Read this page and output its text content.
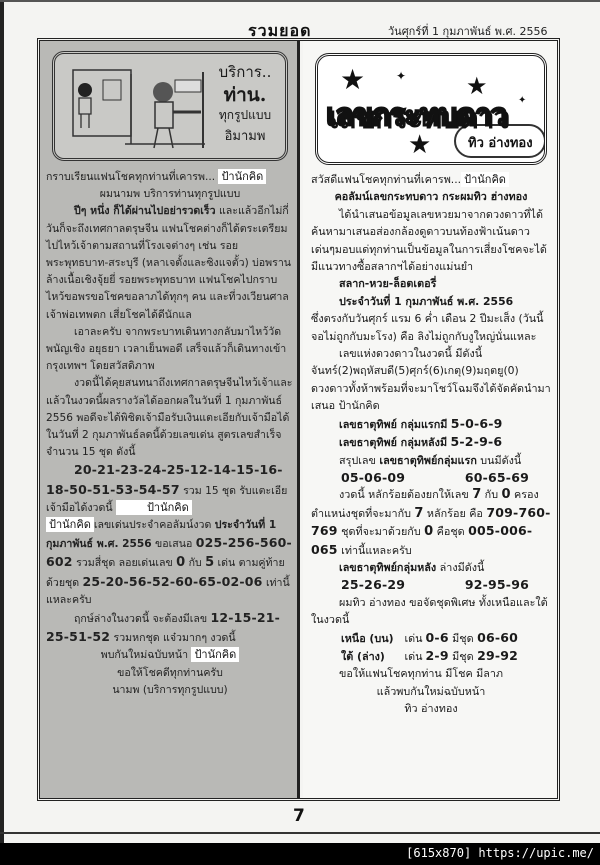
รวมยอด	วันศุกร์ที่ 1 กุมภาพันธ์ พ.ศ. 2556
บริการ..
ท่าน.
ทุกรูปแบบ
อิมามพ
กราบเรียนแฟนโชคทุกท่านที่เคารพ... ป้านักคิด
ผมนามพ บริการท่านทุกรูปแบบ
ปีๆ หนึ่ง ก็ได้ผ่านไปอย่ารวดเร็ว และแล้วอีกไม่กี่วันก็จะถึงเทศกาลตรุษจีน แฟนโชคต่างก็ได้ตระเตรียมไปไหว้เจ้าตามสถานที่โรงเจต่างๆ เช่น รอยพระพุทธบาท-สระบุรี (หลาเจตั้งและซิงแจตั้ว) บ่อพรานล้างเนื้อเชิงจุ้ยยี่ รอยพระพุทธบาท แฟนโชคไปกราบไหว้ขอพรขอโชคขอลาภได้ทุกๆ คน และที่วงเวียนศาลเจ้าพ่อเทพตก เสี่ยโชคได้ดีนักแล
เอาละครับ จากพระบาทเดินทางกลับมาไหว้วัดพนัญเชิง อยุธยา เวลาเย็นพอดี เสร็จแล้วก็เดินทางเข้ากรุงเทพฯ โดยสวัสดิภาพ
งวดนี้ได้คุยสนทนาถึงเทศกาลตรุษจีนไหว้เจ้าและแล้วในงวดนี้ผลรางวัลได้ออกผลในวันที่ 1 กุมภาพันธ์ 2556 พอดีจะได้พิชิตเจ้ามือรับเงินแตะเอียกับเจ้ามือได้ในวันที่ 2 กุมภาพันธ์ลดนี้ด้วยเลขเด่น สูตรเลขสำเร็จ จำนวน 15 ชุด ดังนี้
20-21-23-24-25-12-14-15-16-18-50-51-53-54-57 รวม 15 ชุด รับแตะเอียเจ้ามือได้งวดนี้	ป้านักคิด
ป้านักคิด เลขเด่นประจำคอลัมน์งวด ประจำวันที่ 1 กุมภาพันธ์ พ.ศ. 2556 ขอเสนอ 025-256-560-602 รวมสี่ชุด ลอยเด่นเลข 0 กับ 5 เด่น ตามคู่ท้ายด้วยชุด 25-20-56-52-60-65-02-06 เท่านี้แหละครับ
ฤกษ์ล่างในงวดนี้ จะต้องมีเลข 12-15-21-25-51-52 รวมหกชุด แจ๋วมากๆ งวดนี้
พบกันใหม่ฉบับหน้า ป้านักคิด
ขอให้โชคดีทุกท่านครับ
นามพ (บริการทุกรูปแบบ)
★	★
★
✦
✦
เลขกระทบดาว
ทิว อ่างทอง
สวัสดีแฟนโชคทุกท่านที่เคารพ... ป้านักคิด
คอลัมน์เลขกระทบดาว กระผมทิว ฮ่างทอง
ได้นำเสนอข้อมูลเลขหวยมาจากดวงดาวที่ได้ค้นหามาเสนอส่องกล้องดูดาวบนท้องฟ้าเน้นดาวเด่นๆมอบแด่ทุกท่านเป็นข้อมูลในการเสี่ยงโชคจะได้มีแนวทางซื้อสลากฯได้อย่างแม่นยำ
สลาก-หวย-ล็อตเตอรี่
ประจำวันที่ 1 กุมภาพันธ์ พ.ศ. 2556
ซึ่งตรงกับวันศุกร์ แรม 6 ค่ำ เดือน 2 ปีมะเส็ง (วันนี้จอไม่ถูกกับมะโรง) คือ ลิงไม่ถูกกับงูใหญ่นั่นแหละ
เลขแห่งดวงดาวในงวดนี้ มีดังนี้
จันทร์(2)พฤหัสบดี(5)ศุกร์(6)เกตุ(9)มฤตยู(0)
ดวงดาวทั้งห้าพร้อมที่จะมาโชว์โฉมจึงได้จัดคัดนำมาเสนอ ป้านักคิด
เลขธาตุทิพย์ กลุ่มแรกมี 5-0-6-9
เลขธาตุทิพย์ กลุ่มหลังมี 5-2-9-6
สรุปเลข เลขธาตุทิพย์กลุ่มแรก บนมีดังนี้
05-06-09	60-65-69
งวดนี้ หลักร้อยต้องยกให้เลข 7 กับ 0 ครองตำแหน่งชุดที่จะมากับ 7 หลักร้อย คือ 709-760-769 ชุดที่จะมาด้วยกับ 0 คือชุด 005-006-065 เท่านี้แหละครับ
เลขธาตุทิพย์กลุ่มหลัง ล่างมีดังนี้
25-26-29	92-95-96
ผมทิว อ่างทอง ขอจัดชุดพิเศษ ทั้งเหนือและใต้ ในงวดนี้
เหนือ (บน) เด่น 0-6 มีชุด 06-60
ใต้ (ล่าง) เด่น 2-9 มีชุด 29-92
ขอให้แฟนโชคทุกท่าน มีโชค มีลาภ
แล้วพบกันใหม่ฉบับหน้า
ทิว อ่างทอง
7
[615x870] https://upic.me/
